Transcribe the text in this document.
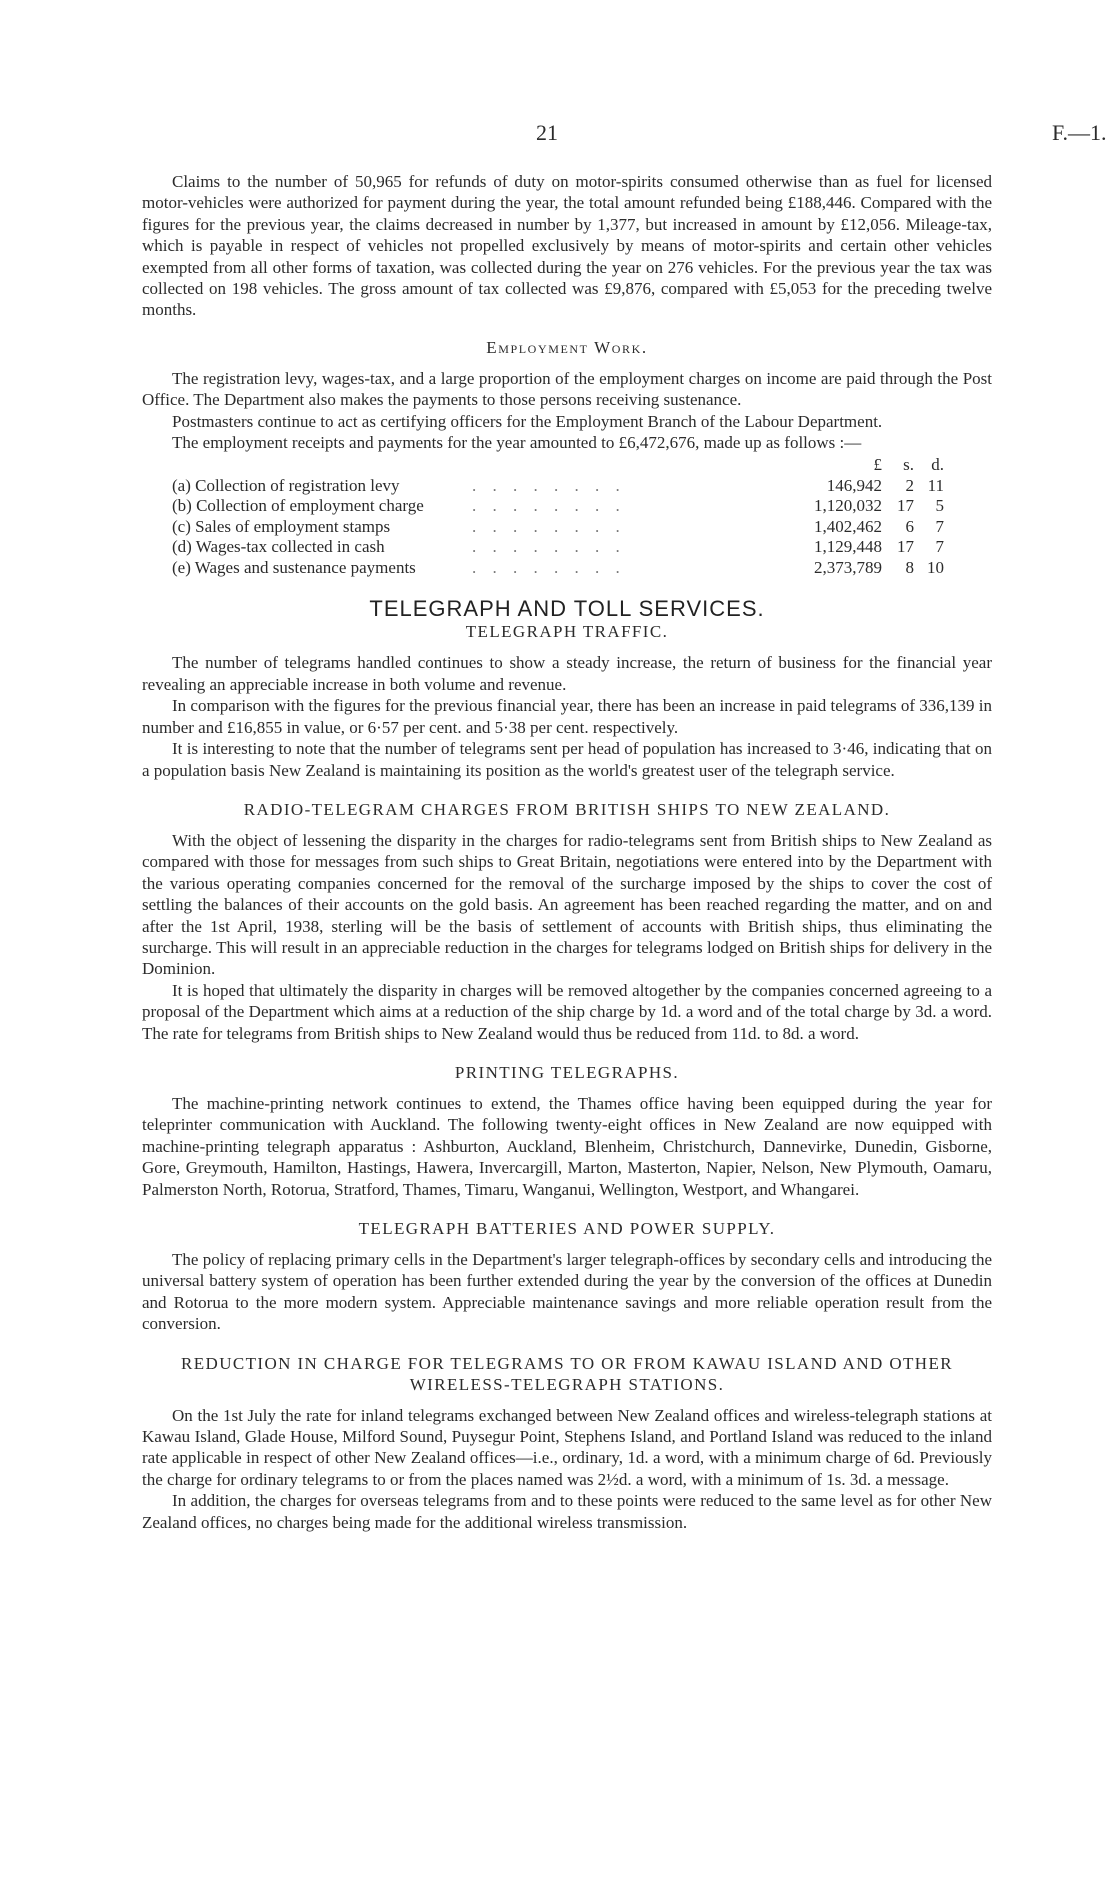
21	F.—1.

Claims to the number of 50,965 for refunds of duty on motor-spirits consumed otherwise than as fuel for licensed motor-vehicles were authorized for payment during the year, the total amount refunded being £188,446. Compared with the figures for the previous year, the claims decreased in number by 1,377, but increased in amount by £12,056. Mileage-tax, which is payable in respect of vehicles not propelled exclusively by means of motor-spirits and certain other vehicles exempted from all other forms of taxation, was collected during the year on 276 vehicles. For the previous year the tax was collected on 198 vehicles. The gross amount of tax collected was £9,876, compared with £5,053 for the preceding twelve months.

Employment Work.

The registration levy, wages-tax, and a large proportion of the employment charges on income are paid through the Post Office. The Department also makes the payments to those persons receiving sustenance.

Postmasters continue to act as certifying officers for the Employment Branch of the Labour Department.

The employment receipts and payments for the year amounted to £6,472,676, made up as follows :—

		£	s.	d.
(a) Collection of registration levy	. . . . . . . .	146,942	2	11
(b) Collection of employment charge	. . . . . . . .	1,120,032	17	5
(c) Sales of employment stamps	. . . . . . . .	1,402,462	6	7
(d) Wages-tax collected in cash	. . . . . . . .	1,129,448	17	7
(e) Wages and sustenance payments	. . . . . . . .	2,373,789	8	10
TELEGRAPH AND TOLL SERVICES.
TELEGRAPH TRAFFIC.

The number of telegrams handled continues to show a steady increase, the return of business for the financial year revealing an appreciable increase in both volume and revenue.

In comparison with the figures for the previous financial year, there has been an increase in paid telegrams of 336,139 in number and £16,855 in value, or 6·57 per cent. and 5·38 per cent. respectively.

It is interesting to note that the number of telegrams sent per head of population has increased to 3·46, indicating that on a population basis New Zealand is maintaining its position as the world's greatest user of the telegraph service.

RADIO-TELEGRAM CHARGES FROM BRITISH SHIPS TO NEW ZEALAND.

With the object of lessening the disparity in the charges for radio-telegrams sent from British ships to New Zealand as compared with those for messages from such ships to Great Britain, negotiations were entered into by the Department with the various operating companies concerned for the removal of the surcharge imposed by the ships to cover the cost of settling the balances of their accounts on the gold basis. An agreement has been reached regarding the matter, and on and after the 1st April, 1938, sterling will be the basis of settlement of accounts with British ships, thus eliminating the surcharge. This will result in an appreciable reduction in the charges for telegrams lodged on British ships for delivery in the Dominion.

It is hoped that ultimately the disparity in charges will be removed altogether by the companies concerned agreeing to a proposal of the Department which aims at a reduction of the ship charge by 1d. a word and of the total charge by 3d. a word. The rate for telegrams from British ships to New Zealand would thus be reduced from 11d. to 8d. a word.

PRINTING TELEGRAPHS.

The machine-printing network continues to extend, the Thames office having been equipped during the year for teleprinter communication with Auckland. The following twenty-eight offices in New Zealand are now equipped with machine-printing telegraph apparatus : Ashburton, Auckland, Blenheim, Christchurch, Dannevirke, Dunedin, Gisborne, Gore, Greymouth, Hamilton, Hastings, Hawera, Invercargill, Marton, Masterton, Napier, Nelson, New Plymouth, Oamaru, Palmerston North, Rotorua, Stratford, Thames, Timaru, Wanganui, Wellington, Westport, and Whangarei.

TELEGRAPH BATTERIES AND POWER SUPPLY.

The policy of replacing primary cells in the Department's larger telegraph-offices by secondary cells and introducing the universal battery system of operation has been further extended during the year by the conversion of the offices at Dunedin and Rotorua to the more modern system. Appreciable maintenance savings and more reliable operation result from the conversion.

REDUCTION IN CHARGE FOR TELEGRAMS TO OR FROM KAWAU ISLAND AND OTHER WIRELESS-TELEGRAPH STATIONS.

On the 1st July the rate for inland telegrams exchanged between New Zealand offices and wireless-telegraph stations at Kawau Island, Glade House, Milford Sound, Puysegur Point, Stephens Island, and Portland Island was reduced to the inland rate applicable in respect of other New Zealand offices—i.e., ordinary, 1d. a word, with a minimum charge of 6d. Previously the charge for ordinary telegrams to or from the places named was 2½d. a word, with a minimum of 1s. 3d. a message.

In addition, the charges for overseas telegrams from and to these points were reduced to the same level as for other New Zealand offices, no charges being made for the additional wireless transmission.
